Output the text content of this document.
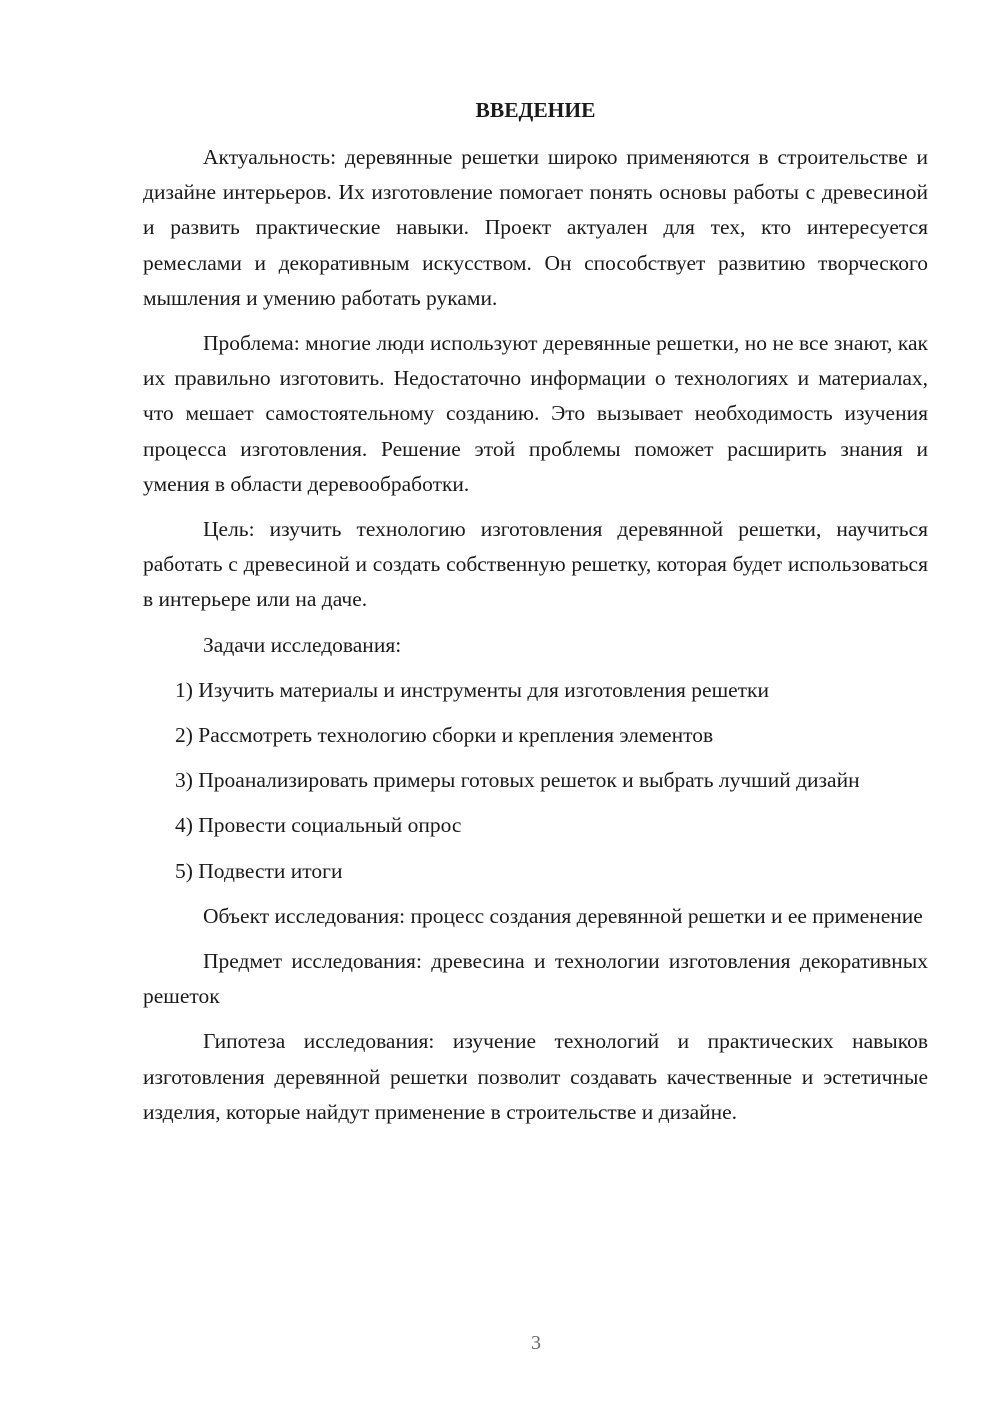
ВВЕДЕНИЕ

Актуальность: деревянные решетки широко применяются в строительстве и дизайне интерьеров. Их изготовление помогает понять основы работы с древесиной и развить практические навыки. Проект актуален для тех, кто интересуется ремеслами и декоративным искусством. Он способствует развитию творческого мышления и умению работать руками.

Проблема: многие люди используют деревянные решетки, но не все знают, как их правильно изготовить. Недостаточно информации о технологиях и материалах, что мешает самостоятельному созданию. Это вызывает необходимость изучения процесса изготовления. Решение этой проблемы поможет расширить знания и умения в области деревообработки.

Цель: изучить технологию изготовления деревянной решетки, научиться работать с древесиной и создать собственную решетку, которая будет использоваться в интерьере или на даче.

Задачи исследования:

1) Изучить материалы и инструменты для изготовления решетки

2) Рассмотреть технологию сборки и крепления элементов

3) Проанализировать примеры готовых решеток и выбрать лучший дизайн

4) Провести социальный опрос

5) Подвести итоги

Объект исследования: процесс создания деревянной решетки и ее применение

Предмет исследования: древесина и технологии изготовления декоративных решеток

Гипотеза исследования: изучение технологий и практических навыков изготовления деревянной решетки позволит создавать качественные и эстетичные изделия, которые найдут применение в строительстве и дизайне.

3
